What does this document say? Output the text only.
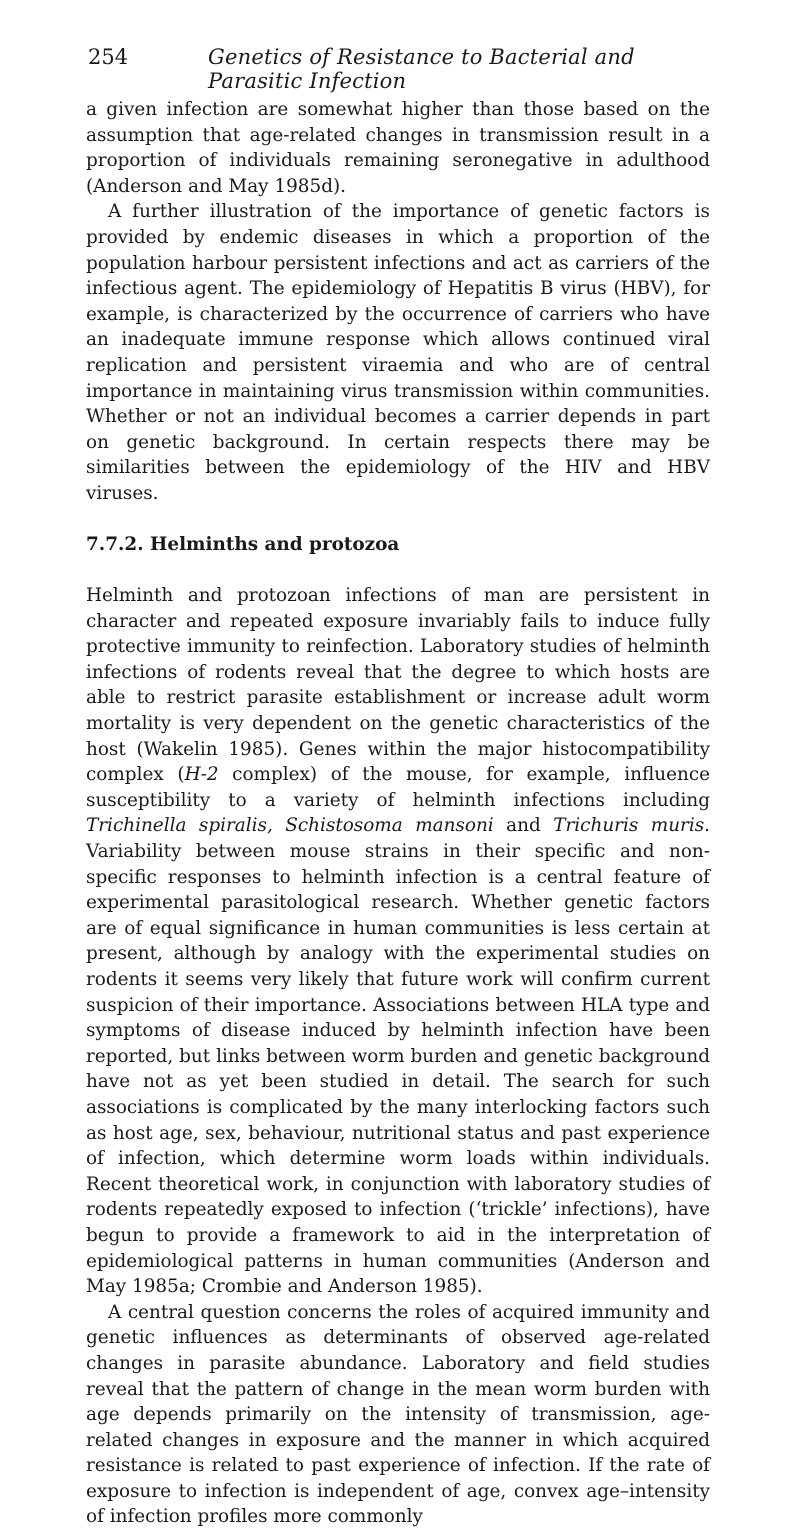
254	Genetics of Resistance to Bacterial and Parasitic Infection

a given infection are somewhat higher than those based on the assumption that age-related changes in transmission result in a proportion of individuals remaining seronegative in adulthood (Anderson and May 1985d).

A further illustration of the importance of genetic factors is provided by endemic diseases in which a proportion of the population harbour persistent infections and act as carriers of the infectious agent. The epidemiology of Hepatitis B virus (HBV), for example, is characterized by the occurrence of carriers who have an inadequate immune response which allows continued viral replication and persistent viraemia and who are of central importance in maintaining virus transmission within communities. Whether or not an individual becomes a carrier depends in part on genetic background. In certain respects there may be similarities between the epidemiology of the HIV and HBV viruses.

7.7.2. Helminths and protozoa

Helminth and protozoan infections of man are persistent in character and repeated exposure invariably fails to induce fully protective immunity to reinfection. Laboratory studies of helminth infections of rodents reveal that the degree to which hosts are able to restrict parasite establishment or increase adult worm mortality is very dependent on the genetic characteristics of the host (Wakelin 1985). Genes within the major histocompatibility complex (H-2 complex) of the mouse, for example, influence susceptibility to a variety of helminth infections including Trichinella spiralis, Schistosoma mansoni and Trichuris muris. Variability between mouse strains in their specific and non-specific responses to helminth infection is a central feature of experimental parasitological research. Whether genetic factors are of equal significance in human communities is less certain at present, although by analogy with the experimental studies on rodents it seems very likely that future work will confirm current suspicion of their importance. Associations between HLA type and symptoms of disease induced by helminth infection have been reported, but links between worm burden and genetic background have not as yet been studied in detail. The search for such associations is complicated by the many interlocking factors such as host age, sex, behaviour, nutritional status and past experience of infection, which determine worm loads within individuals. Recent theoretical work, in conjunction with laboratory studies of rodents repeatedly exposed to infection (‘trickle’ infections), have begun to provide a framework to aid in the interpretation of epidemiological patterns in human communities (Anderson and May 1985a; Crombie and Anderson 1985).

A central question concerns the roles of acquired immunity and genetic influences as determinants of observed age-related changes in parasite abundance. Laboratory and field studies reveal that the pattern of change in the mean worm burden with age depends primarily on the intensity of transmission, age-related changes in exposure and the manner in which acquired resistance is related to past experience of infection. If the rate of exposure to infection is independent of age, convex age–intensity of infection profiles more commonly
